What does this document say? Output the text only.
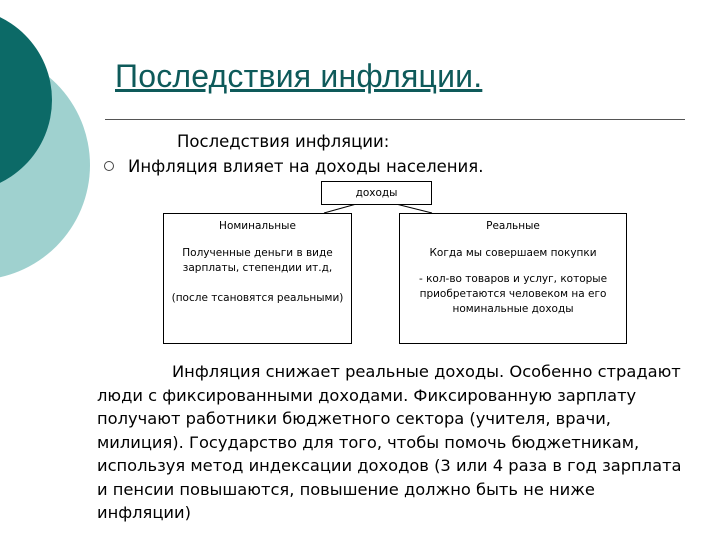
Последствия инфляции.
Последствия инфляции:
Инфляция влияет на доходы населения.
доходы
Номинальные
Полученные деньги в виде зарплаты, степендии ит.д,
(после тсановятся реальными)
Реальные
Когда мы совершаем покупки
- кол-во товаров и услуг, которые приобретаются человеком на его номинальные доходы

Инфляция снижает реальные доходы. Особенно страдают люди с фиксированными доходами. Фиксированную зарплату получают работники бюджетного сектора (учителя, врачи, милиция). Государство для того, чтобы помочь бюджетникам, используя метод индексации доходов (3 или 4 раза в год зарплата и пенсии повышаются, повышение должно быть не ниже инфляции)
